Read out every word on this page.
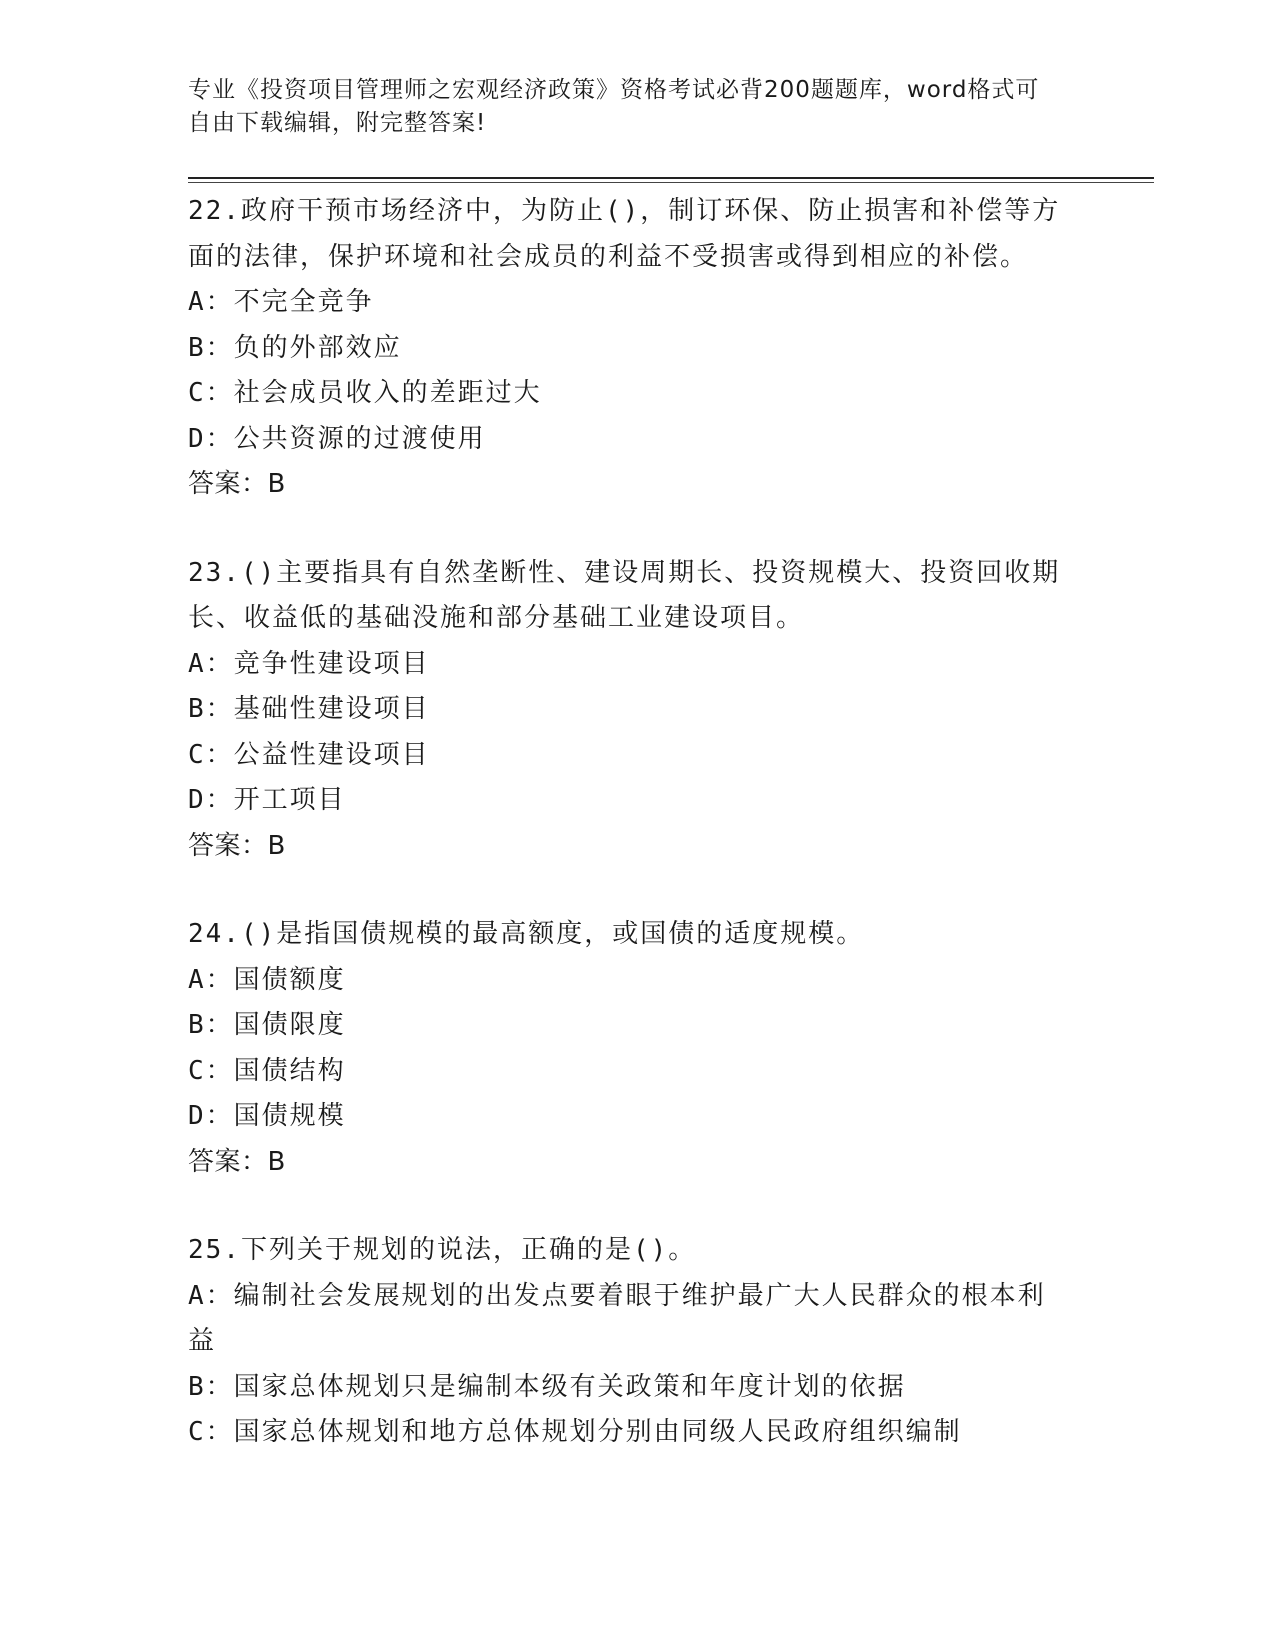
专业《投资项目管理师之宏观经济政策》资格考试必背200题题库，word格式可
自由下载编辑，附完整答案!
22.政府干预市场经济中，为防止()，制订环保、防止损害和补偿等方
面的法律，保护环境和社会成员的利益不受损害或得到相应的补偿。
A：不完全竞争
B：负的外部效应
C：社会成员收入的差距过大
D：公共资源的过渡使用
答案：B
23.()主要指具有自然垄断性、建设周期长、投资规模大、投资回收期
长、收益低的基础没施和部分基础工业建设项目。
A：竞争性建设项目
B：基础性建设项目
C：公益性建设项目
D：开工项目
答案：B
24.()是指国债规模的最高额度，或国债的适度规模。
A：国债额度
B：国债限度
C：国债结构
D：国债规模
答案：B
25.下列关于规划的说法，正确的是()。
A：编制社会发展规划的出发点要着眼于维护最广大人民群众的根本利
益
B：国家总体规划只是编制本级有关政策和年度计划的依据
C：国家总体规划和地方总体规划分别由同级人民政府组织编制
